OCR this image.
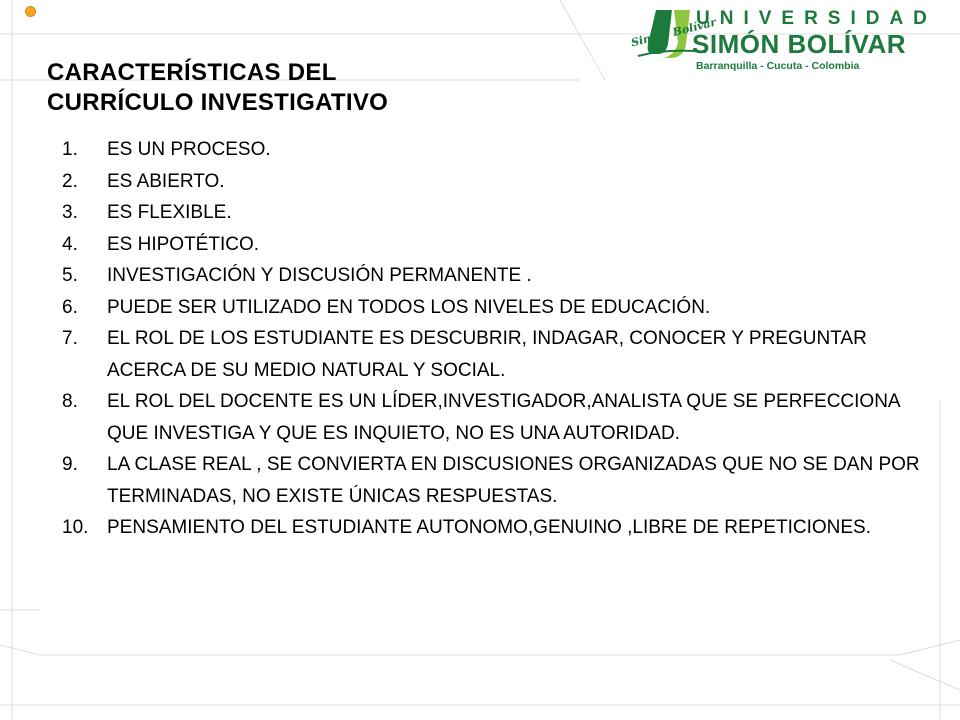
CARACTERÍSTICAS DEL
CURRÍCULO INVESTIGATIVO
Simón Bolívar
UNIVERSIDAD
SIMÓN BOLÍVAR
Barranquilla - Cucuta - Colombia
1. ES UN PROCESO.
2. ES ABIERTO.
3. ES FLEXIBLE.
4. ES HIPOTÉTICO.
5. INVESTIGACIÓN Y DISCUSIÓN PERMANENTE .
6. PUEDE SER UTILIZADO EN TODOS LOS NIVELES DE EDUCACIÓN.
7. EL ROL DE LOS ESTUDIANTE ES DESCUBRIR, INDAGAR, CONOCER Y PREGUNTAR ACERCA DE SU MEDIO NATURAL Y SOCIAL.
8. EL ROL DEL DOCENTE ES UN LÍDER,INVESTIGADOR,ANALISTA QUE SE PERFECCIONA QUE INVESTIGA Y QUE ES INQUIETO, NO ES UNA AUTORIDAD.
9. LA CLASE REAL , SE CONVIERTA EN DISCUSIONES ORGANIZADAS QUE NO SE DAN POR TERMINADAS, NO EXISTE ÚNICAS RESPUESTAS.
10. PENSAMIENTO DEL ESTUDIANTE AUTONOMO,GENUINO ,LIBRE DE REPETICIONES.
